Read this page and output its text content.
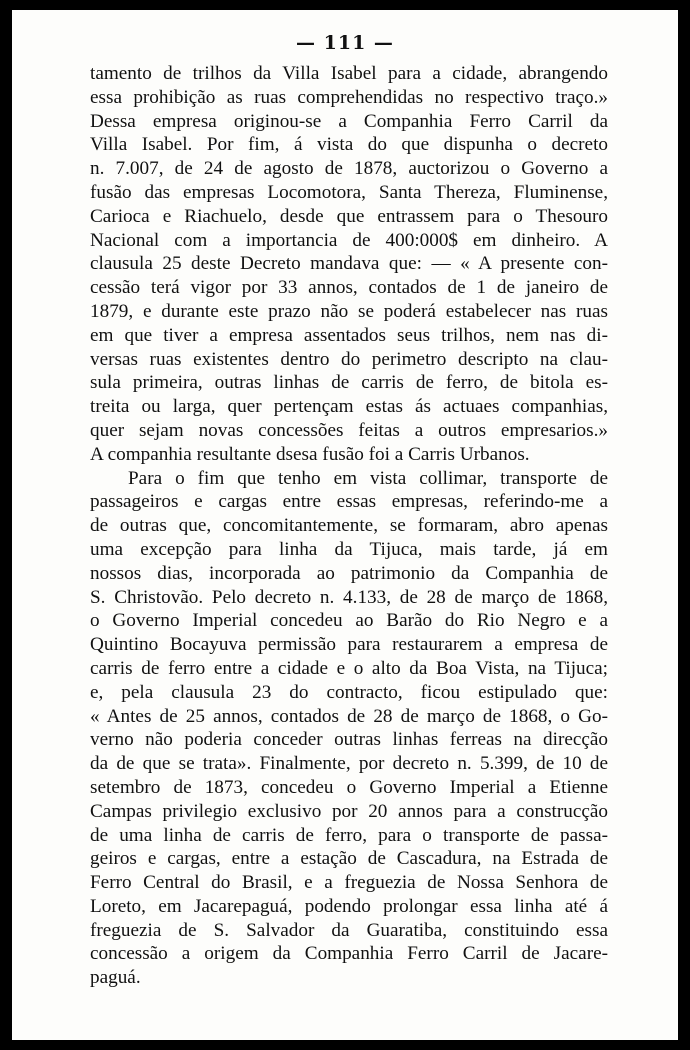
— 111 —
tamento de trilhos da Villa Isabel para a cidade, abrangendo
essa prohibição as ruas comprehendidas no respectivo traço.»
Dessa empresa originou-se a Companhia Ferro Carril da
Villa Isabel. Por fim, á vista do que dispunha o decreto
n. 7.007, de 24 de agosto de 1878, auctorizou o Governo a
fusão das empresas Locomotora, Santa Thereza, Fluminense,
Carioca e Riachuelo, desde que entrassem para o Thesouro
Nacional com a importancia de 400:000$ em dinheiro. A
clausula 25 deste Decreto mandava que: — « A presente con-
cessão terá vigor por 33 annos, contados de 1 de janeiro de
1879, e durante este prazo não se poderá estabelecer nas ruas
em que tiver a empresa assentados seus trilhos, nem nas di-
versas ruas existentes dentro do perimetro descripto na clau-
sula primeira, outras linhas de carris de ferro, de bitola es-
treita ou larga, quer pertençam estas ás actuaes companhias,
quer sejam novas concessões feitas a outros empresarios.»
A companhia resultante dsesa fusão foi a Carris Urbanos.
Para o fim que tenho em vista collimar, transporte de
passageiros e cargas entre essas empresas, referindo-me a
de outras que, concomitantemente, se formaram, abro apenas
uma excepção para linha da Tijuca, mais tarde, já em
nossos dias, incorporada ao patrimonio da Companhia de
S. Christovão. Pelo decreto n. 4.133, de 28 de março de 1868,
o Governo Imperial concedeu ao Barão do Rio Negro e a
Quintino Bocayuva permissão para restaurarem a empresa de
carris de ferro entre a cidade e o alto da Boa Vista, na Tijuca;
e, pela clausula 23 do contracto, ficou estipulado que:
« Antes de 25 annos, contados de 28 de março de 1868, o Go-
verno não poderia conceder outras linhas ferreas na direcção
da de que se trata». Finalmente, por decreto n. 5.399, de 10 de
setembro de 1873, concedeu o Governo Imperial a Etienne
Campas privilegio exclusivo por 20 annos para a construcção
de uma linha de carris de ferro, para o transporte de passa-
geiros e cargas, entre a estação de Cascadura, na Estrada de
Ferro Central do Brasil, e a freguezia de Nossa Senhora de
Loreto, em Jacarepaguá, podendo prolongar essa linha até á
freguezia de S. Salvador da Guaratiba, constituindo essa
concessão a origem da Companhia Ferro Carril de Jacare-
paguá.
